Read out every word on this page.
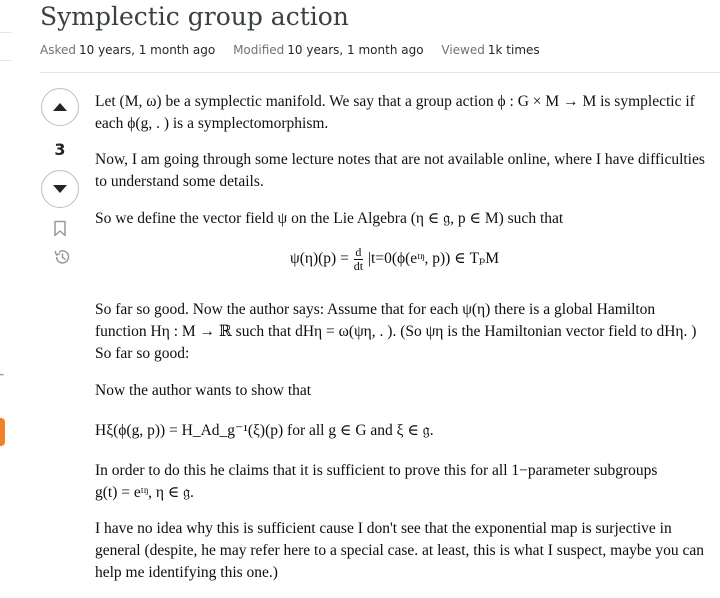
˜
Symplectic group action
Asked 10 years, 1 month ago Modified 10 years, 1 month ago Viewed 1k times
3

Let (M, ω) be a symplectic manifold. We say that a group action ϕ : G × M → M is symplectic if

each ϕ(g, . ) is a symplectomorphism.

Now, I am going through some lecture notes that are not available online, where I have difficulties

to understand some details.

So we define the vector field ψ on the Lie Algebra (η ∈ 𝔤, p ∈ M) such that

$\psi(\eta)(p) = \frac{d}{dt}$ |t=0(ϕ(eᵗᵑ, p)) ∈ TₚM
So far so good. Now the author says: Assume that for each ψ(η) there is a global Hamilton
function Hη : M → ℝ such that dHη = ω(ψη, . ). (So ψη is the Hamiltonian vector field to dHη. )
So far so good:
Now the author wants to show that
Hξ(ϕ(g, p)) = H_Ad_g⁻¹(ξ)(p) for all g ∈ G and ξ ∈ 𝔤.
In order to do this he claims that it is sufficient to prove this for all 1−parameter subgroups
g(t) = eᵗᵑ, η ∈ 𝔤.
I have no idea why this is sufficient cause I don't see that the exponential map is surjective in
general (despite, he may refer here to a special case. at least, this is what I suspect, maybe you can
help me identifying this one.)
